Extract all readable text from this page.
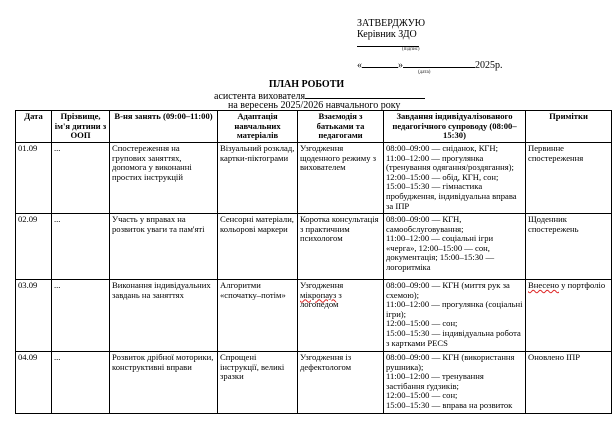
ЗАТВЕРДЖУЮ
Керівник ЗДО
(підпис)
«	»	2025р.
(дата)
ПЛАН РОБОТИ
асистента вихователя
на вересень 2025/2026 навчального року
Дата	Прізвище, ім'я дитини з ООП	В-ня занять (09:00–11:00)	Адаптація навчальних матеріалів	Взаємодія з батьками та педагогами	Завдання індивідуалізованого педагогічного супроводу (08:00–15:30)	Примітки
01.09	...	Спостереження на групових заняттях, допомога у виконанні простих інструкцій	Візуальний розклад, картки-піктограми	Узгодження щоденного режиму з вихователем	08:00–09:00 — сніданок, КГН;
11:00–12:00 — прогулянка (тренування одягання/роздягання);
12:00–15:00 — обід, КГН, сон;
15:00–15:30 — гімнастика пробудження, індивідуальна вправа за ІПР	Первинне спостереження
02.09	...	Участь у вправах на розвиток уваги та пам'яті	Сенсорні матеріали, кольорові маркери	Коротка консультація з практичним психологом	08:00–09:00 — КГН, самообслуговування;
11:00–12:00 — соціальні ігри «черга», 12:00–15:00 — сон, документація; 15:00–15:30 — логоритміка	Щоденник спостережень
03.09	...	Виконання індивідуальних завдань на заняттях	Алгоритми «спочатку–потім»	Узгодження мікропауз з логопедом	08:00–09:00 — КГН (миття рук за схемою);
11:00–12:00 — прогулянка (соціальні ігри);
12:00–15:00 — сон;
15:00–15:30 — індивідуальна робота з картками PECS	Внесено у портфоліо
04.09	...	Розвиток дрібної моторики, конструктивні вправи	Спрощені інструкції, великі зразки	Узгодження із дефектологом	08:00–09:00 — КГН (використання рушника);
11:00–12:00 — тренування застібання ґудзиків;
12:00–15:00 — сон;
15:00–15:30 — вправа на розвиток	Оновлено ІПР
